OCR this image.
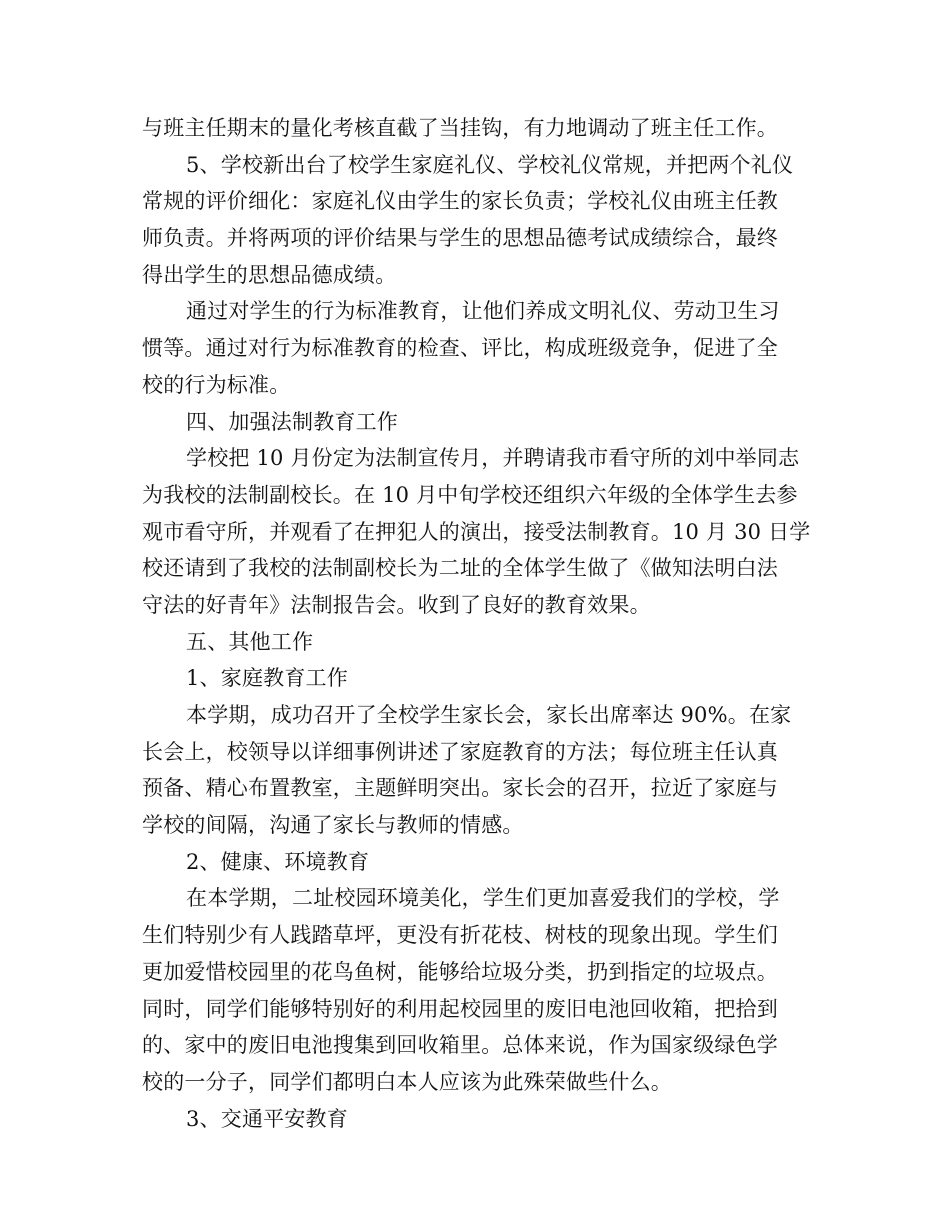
与班主任期末的量化考核直截了当挂钩，有力地调动了班主任工作。
5、学校新出台了校学生家庭礼仪、学校礼仪常规，并把两个礼仪
常规的评价细化：家庭礼仪由学生的家长负责；学校礼仪由班主任教
师负责。并将两项的评价结果与学生的思想品德考试成绩综合，最终
得出学生的思想品德成绩。
通过对学生的行为标准教育，让他们养成文明礼仪、劳动卫生习
惯等。通过对行为标准教育的检查、评比，构成班级竞争，促进了全
校的行为标准。
四、加强法制教育工作
学校把 10 月份定为法制宣传月，并聘请我市看守所的刘中举同志
为我校的法制副校长。在 10 月中旬学校还组织六年级的全体学生去参
观市看守所，并观看了在押犯人的演出，接受法制教育。10 月 30 日学
校还请到了我校的法制副校长为二址的全体学生做了《做知法明白法
守法的好青年》法制报告会。收到了良好的教育效果。
五、其他工作
1、家庭教育工作
本学期，成功召开了全校学生家长会，家长出席率达 90%。在家
长会上，校领导以详细事例讲述了家庭教育的方法；每位班主任认真
预备、精心布置教室，主题鲜明突出。家长会的召开，拉近了家庭与
学校的间隔，沟通了家长与教师的情感。
2、健康、环境教育
在本学期，二址校园环境美化，学生们更加喜爱我们的学校，学
生们特别少有人践踏草坪，更没有折花枝、树枝的现象出现。学生们
更加爱惜校园里的花鸟鱼树，能够给垃圾分类，扔到指定的垃圾点。
同时，同学们能够特别好的利用起校园里的废旧电池回收箱，把拾到
的、家中的废旧电池搜集到回收箱里。总体来说，作为国家级绿色学
校的一分子，同学们都明白本人应该为此殊荣做些什么。
3、交通平安教育
